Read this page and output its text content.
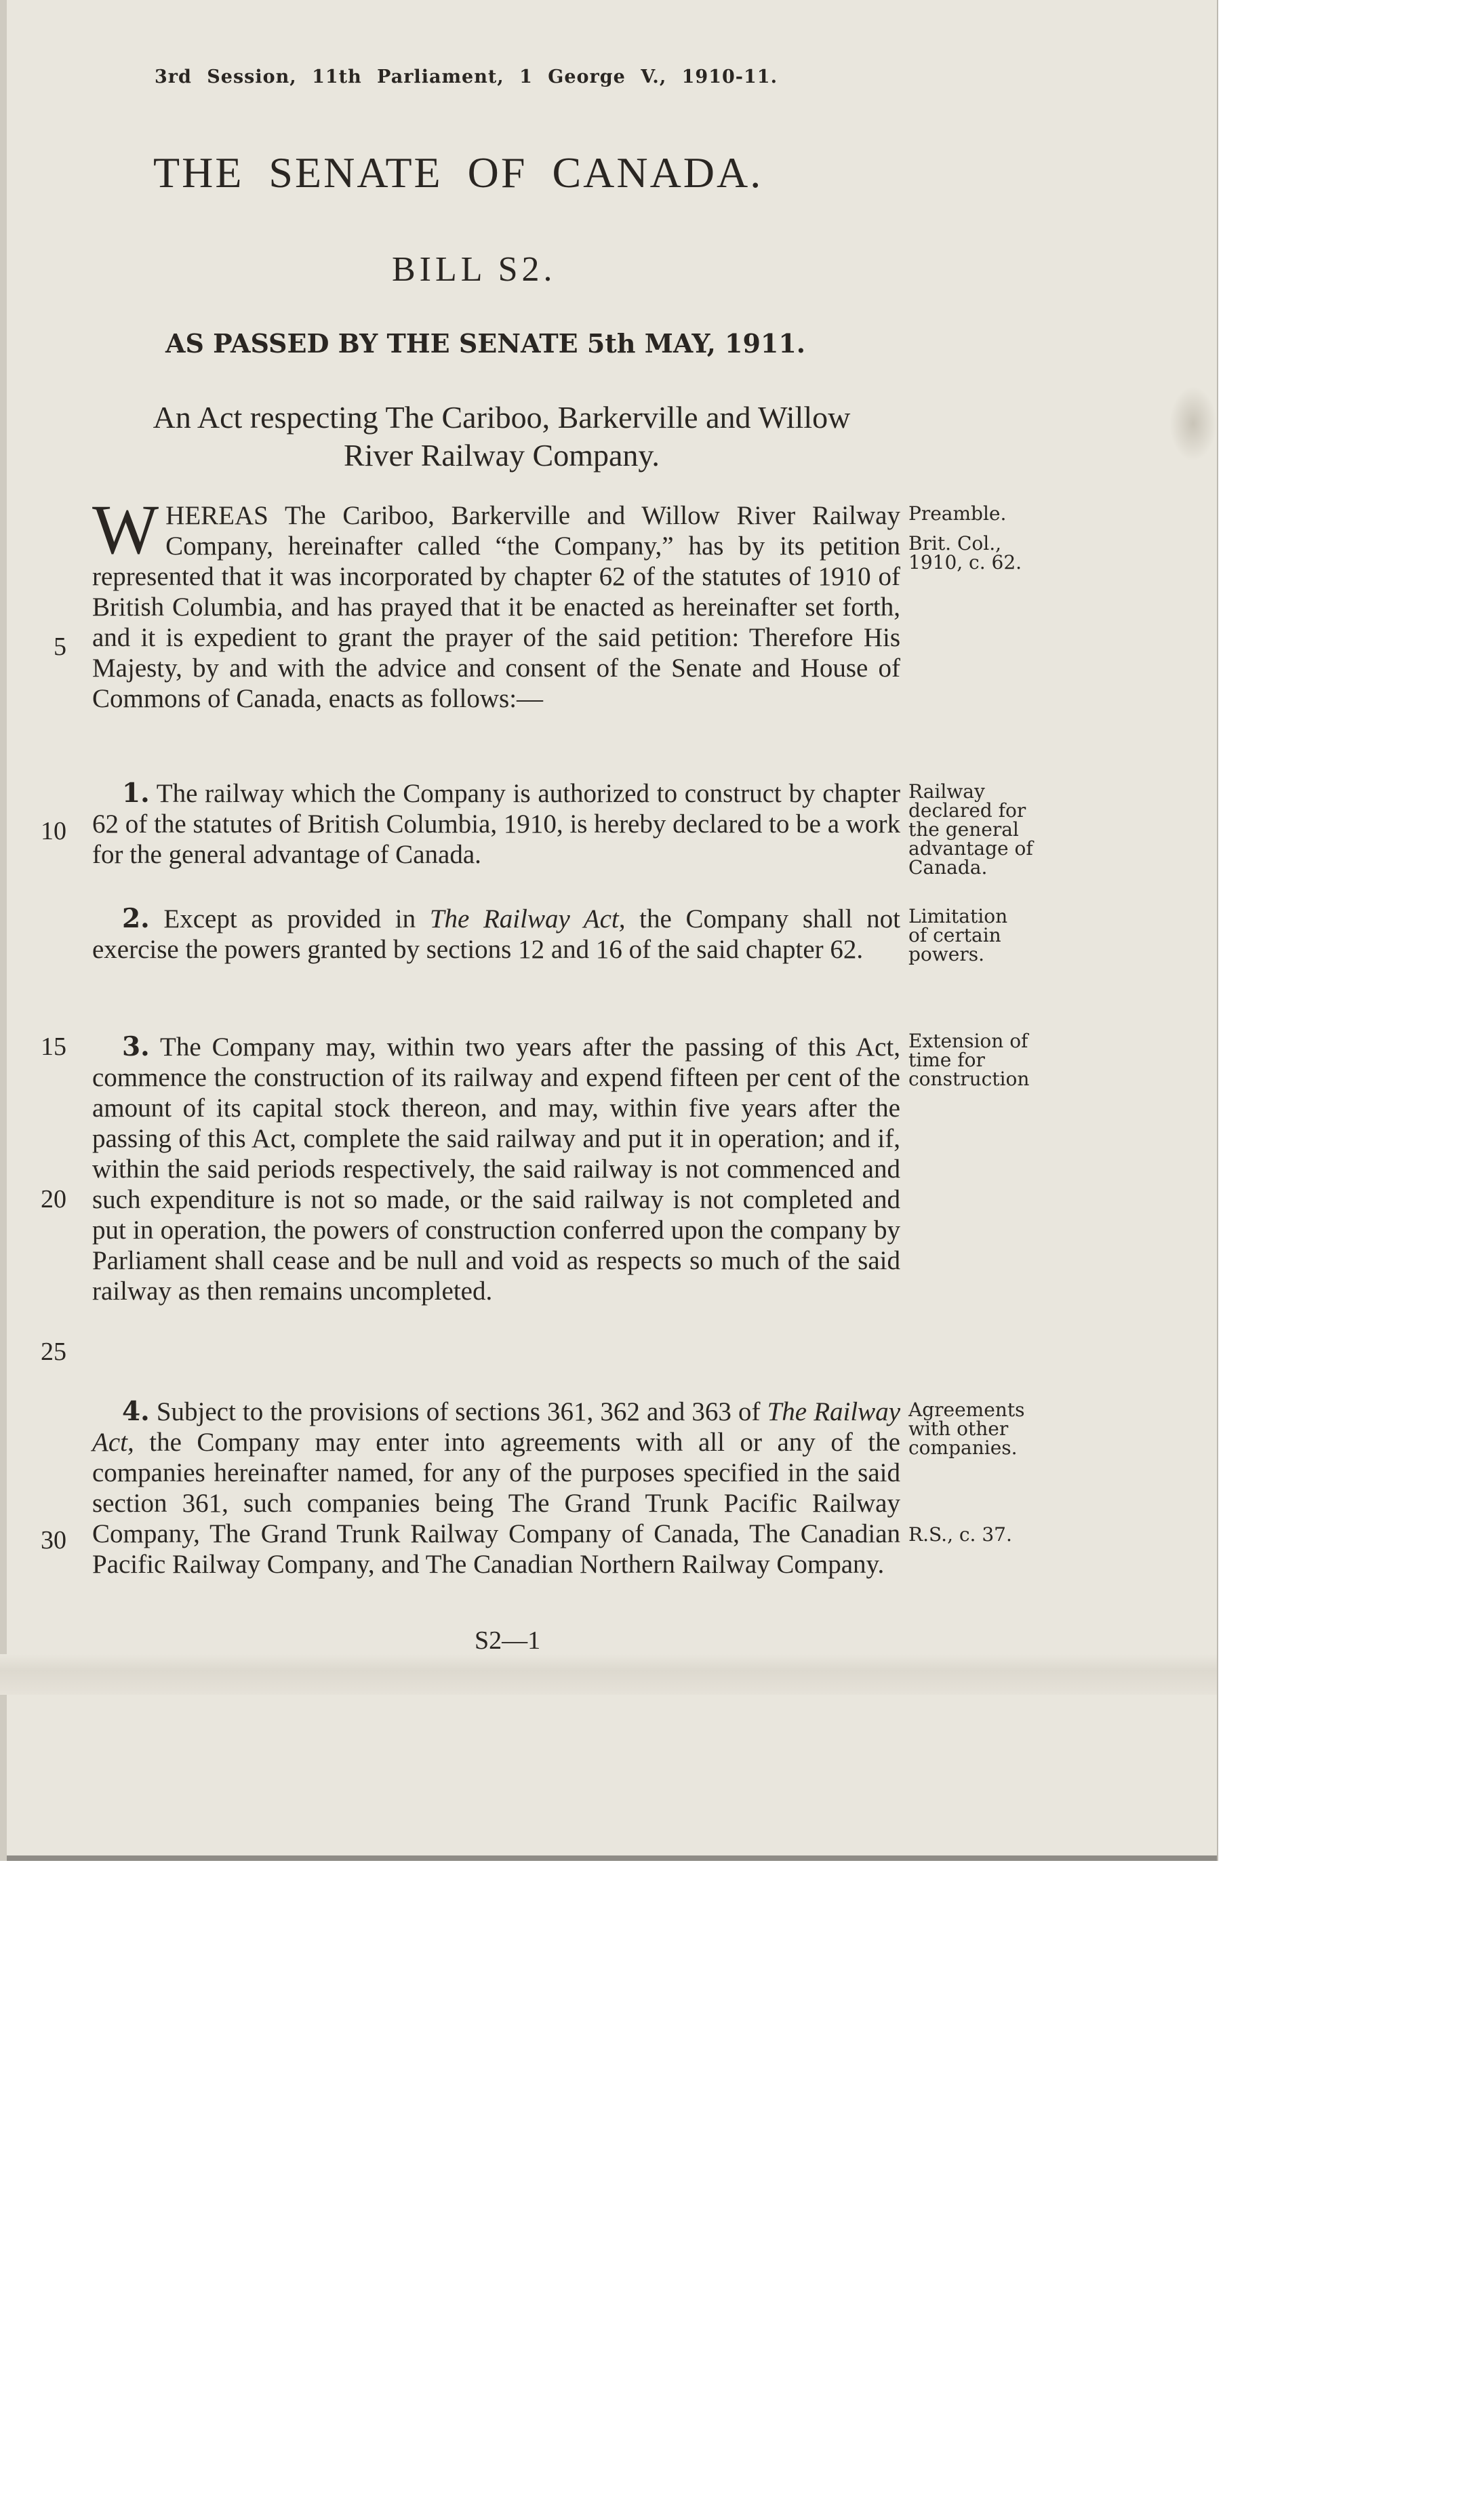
3rd Session, 11th Parliament, 1 George V., 1910-11.
THE SENATE OF CANADA.
BILL S2.
AS PASSED BY THE SENATE 5th MAY, 1911.
An Act respecting The Cariboo, Barkerville and Willow
River Railway Company.

WHEREAS The Cariboo, Barkerville and Willow River Railway Company, hereinafter called “the Company,” has by its petition represented that it was incorporated by chapter 62 of the statutes of 1910 of British Columbia, and has prayed that it be enacted as hereinafter set forth, and it is expedient to grant the prayer of the said petition: Therefore His Majesty, by and with the advice and consent of the Senate and House of Commons of Canada, enacts as follows:—

1. The railway which the Company is authorized to construct by chapter 62 of the statutes of British Columbia, 1910, is hereby declared to be a work for the general advantage of Canada.

2. Except as provided in The Railway Act, the Company shall not exercise the powers granted by sections 12 and 16 of the said chapter 62.

3. The Company may, within two years after the passing of this Act, commence the construction of its railway and expend fifteen per cent of the amount of its capital stock thereon, and may, within five years after the passing of this Act, complete the said railway and put it in operation; and if, within the said periods respectively, the said railway is not commenced and such expenditure is not so made, or the said railway is not completed and put in operation, the powers of construction conferred upon the company by Parliament shall cease and be null and void as respects so much of the said railway as then remains uncompleted.

4. Subject to the provisions of sections 361, 362 and 363 of The Railway Act, the Company may enter into agreements with all or any of the companies hereinafter named, for any of the purposes specified in the said section 361, such companies being The Grand Trunk Pacific Railway Company, The Grand Trunk Railway Company of Canada, The Canadian Pacific Railway Company, and The Canadian Northern Railway Company.

Preamble.
Brit. Col., 1910, c. 62.
Railway declared for the general advantage of Canada.
Limitation of certain powers.
Extension of time for construction
Agreements with other companies.
R.S., c. 37.
5
10
15
20
25
30
S2—1
